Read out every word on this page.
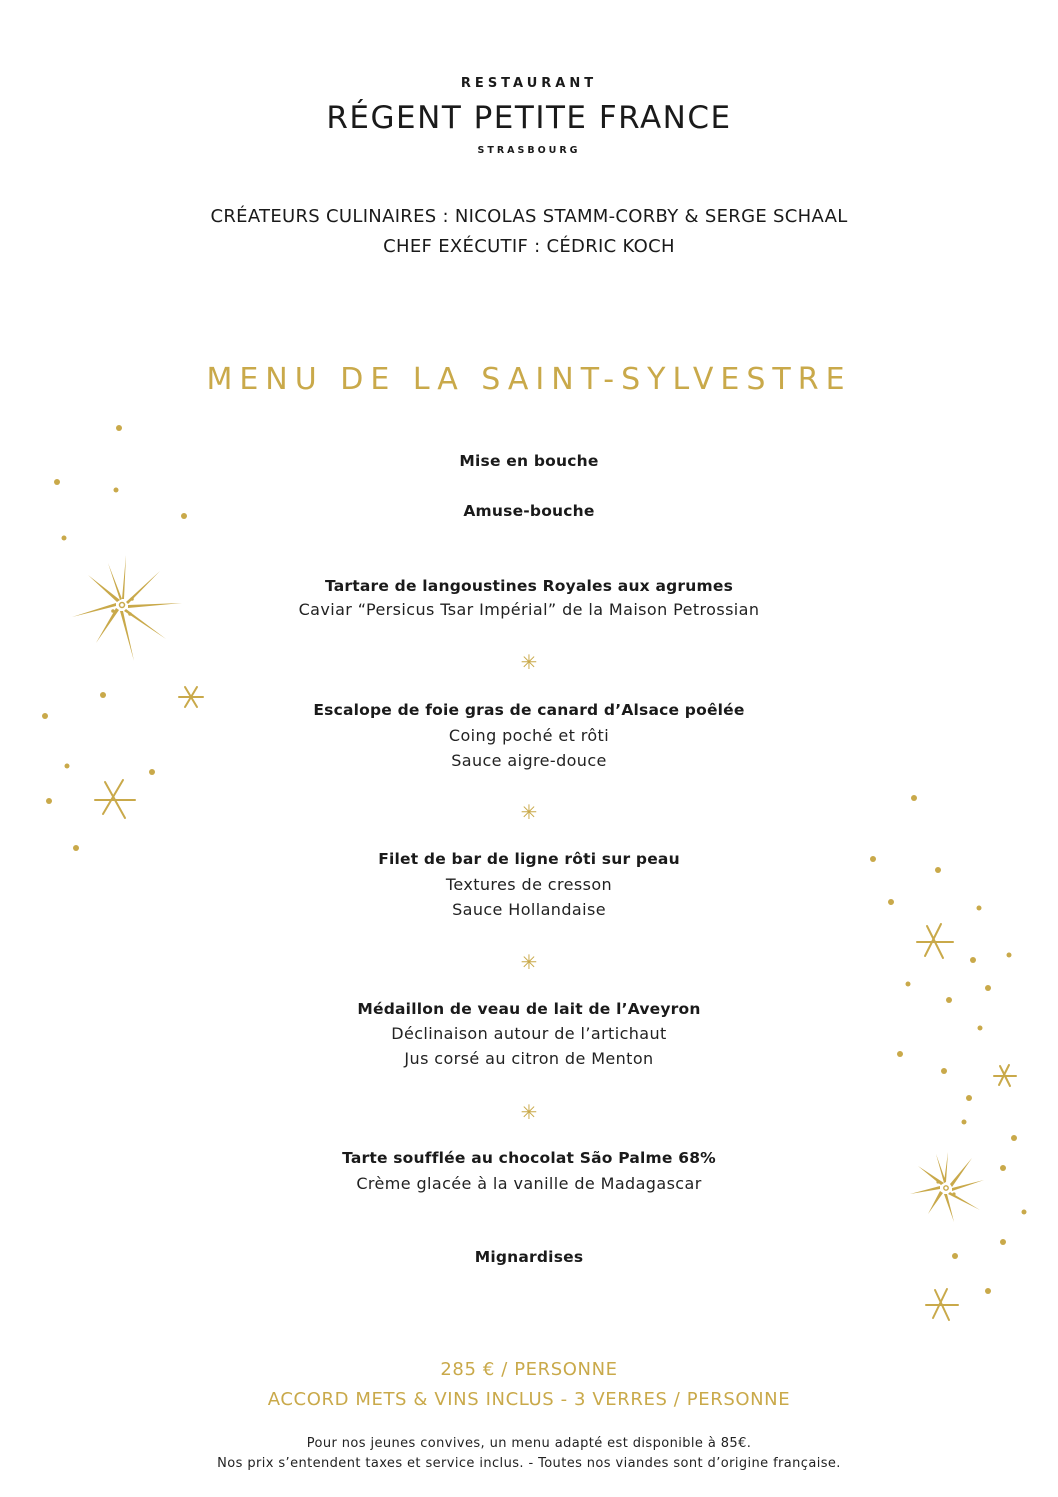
RESTAURANT
RÉGENT PETITE FRANCE
STRASBOURG
CRÉATEURS CULINAIRES : NICOLAS STAMM-CORBY & SERGE SCHAAL
CHEF EXÉCUTIF : CÉDRIC KOCH
MENU DE LA SAINT-SYLVESTRE
Mise en bouche
Amuse-bouche
Tartare de langoustines Royales aux agrumes
Caviar “Persicus Tsar Impérial” de la Maison Petrossian
✳
Escalope de foie gras de canard d’Alsace poêlée
Coing poché et rôti
Sauce aigre-douce
✳
Filet de bar de ligne rôti sur peau
Textures de cresson
Sauce Hollandaise
✳
Médaillon de veau de lait de l’Aveyron
Déclinaison autour de l’artichaut
Jus corsé au citron de Menton
✳
Tarte soufflée au chocolat São Palme 68%
Crème glacée à la vanille de Madagascar
Mignardises
285 € / PERSONNE
ACCORD METS & VINS INCLUS - 3 VERRES / PERSONNE
Pour nos jeunes convives, un menu adapté est disponible à 85€.
Nos prix s’entendent taxes et service inclus. - Toutes nos viandes sont d’origine française.
